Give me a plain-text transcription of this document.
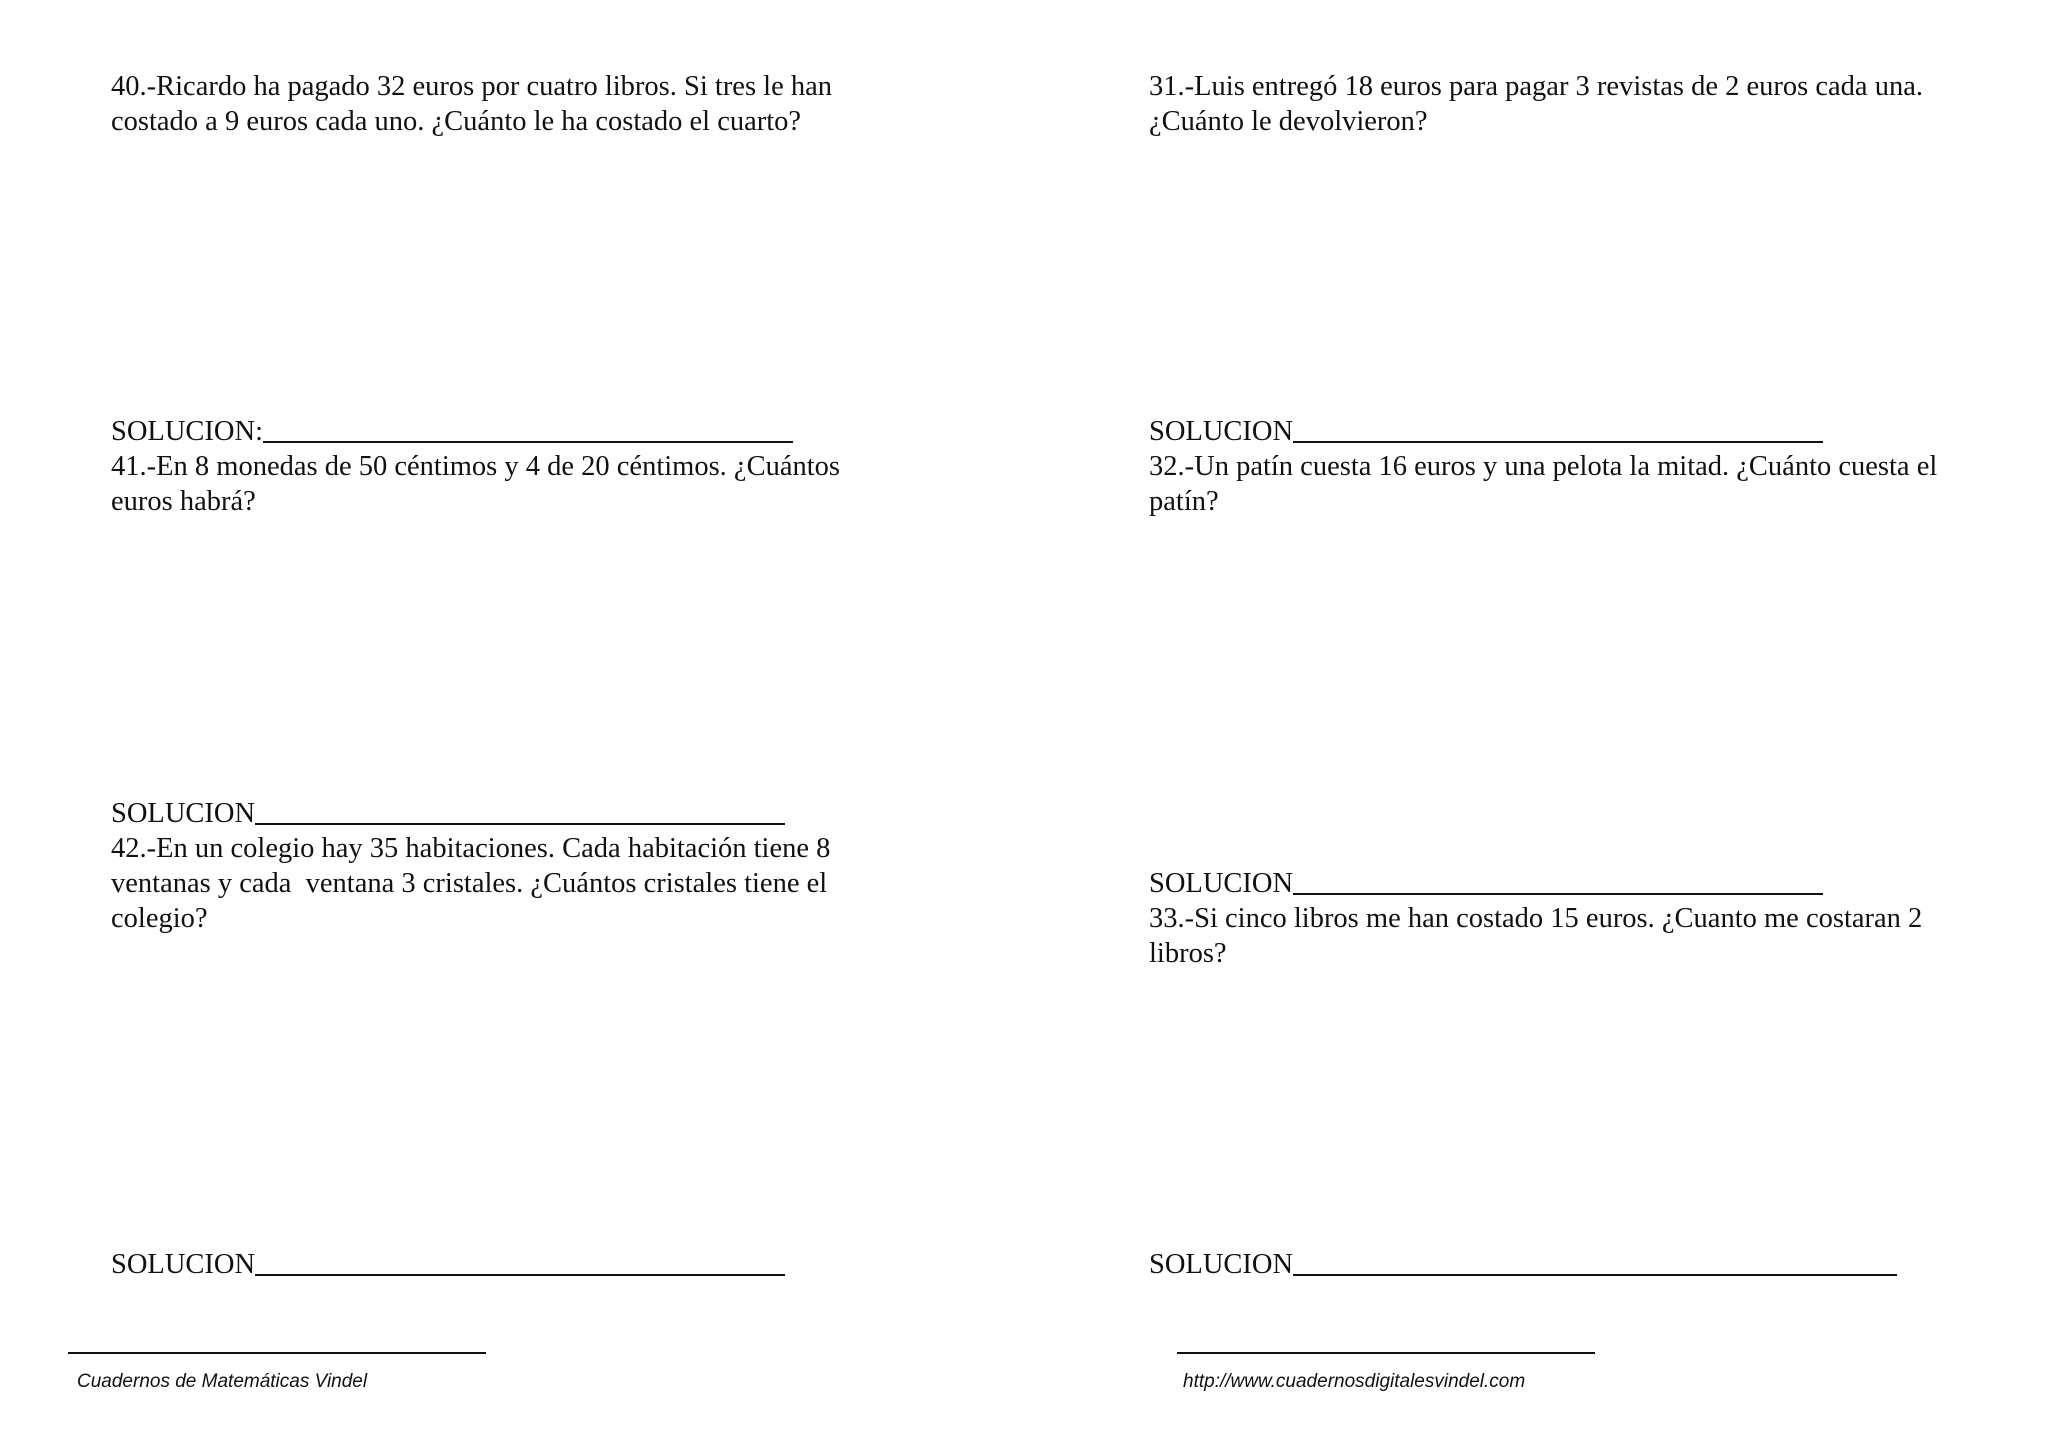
40.-Ricardo ha pagado 32 euros por cuatro libros. Si tres le han

costado a 9 euros cada uno. ¿Cuánto le ha costado el cuarto?

SOLUCION:

41.-En 8 monedas de 50 céntimos y 4 de 20 céntimos. ¿Cuántos

euros habrá?

SOLUCION

42.-En un colegio hay 35 habitaciones. Cada habitación tiene 8

ventanas y cada  ventana 3 cristales. ¿Cuántos cristales tiene el

colegio?

SOLUCION
Cuadernos de Matemáticas Vindel

31.-Luis entregó 18 euros para pagar 3 revistas de 2 euros cada una.

¿Cuánto le devolvieron?

SOLUCION

32.-Un patín cuesta 16 euros y una pelota la mitad. ¿Cuánto cuesta el

patín?

SOLUCION

33.-Si cinco libros me han costado 15 euros. ¿Cuanto me costaran 2

libros?

SOLUCION
http://www.cuadernosdigitalesvindel.com
